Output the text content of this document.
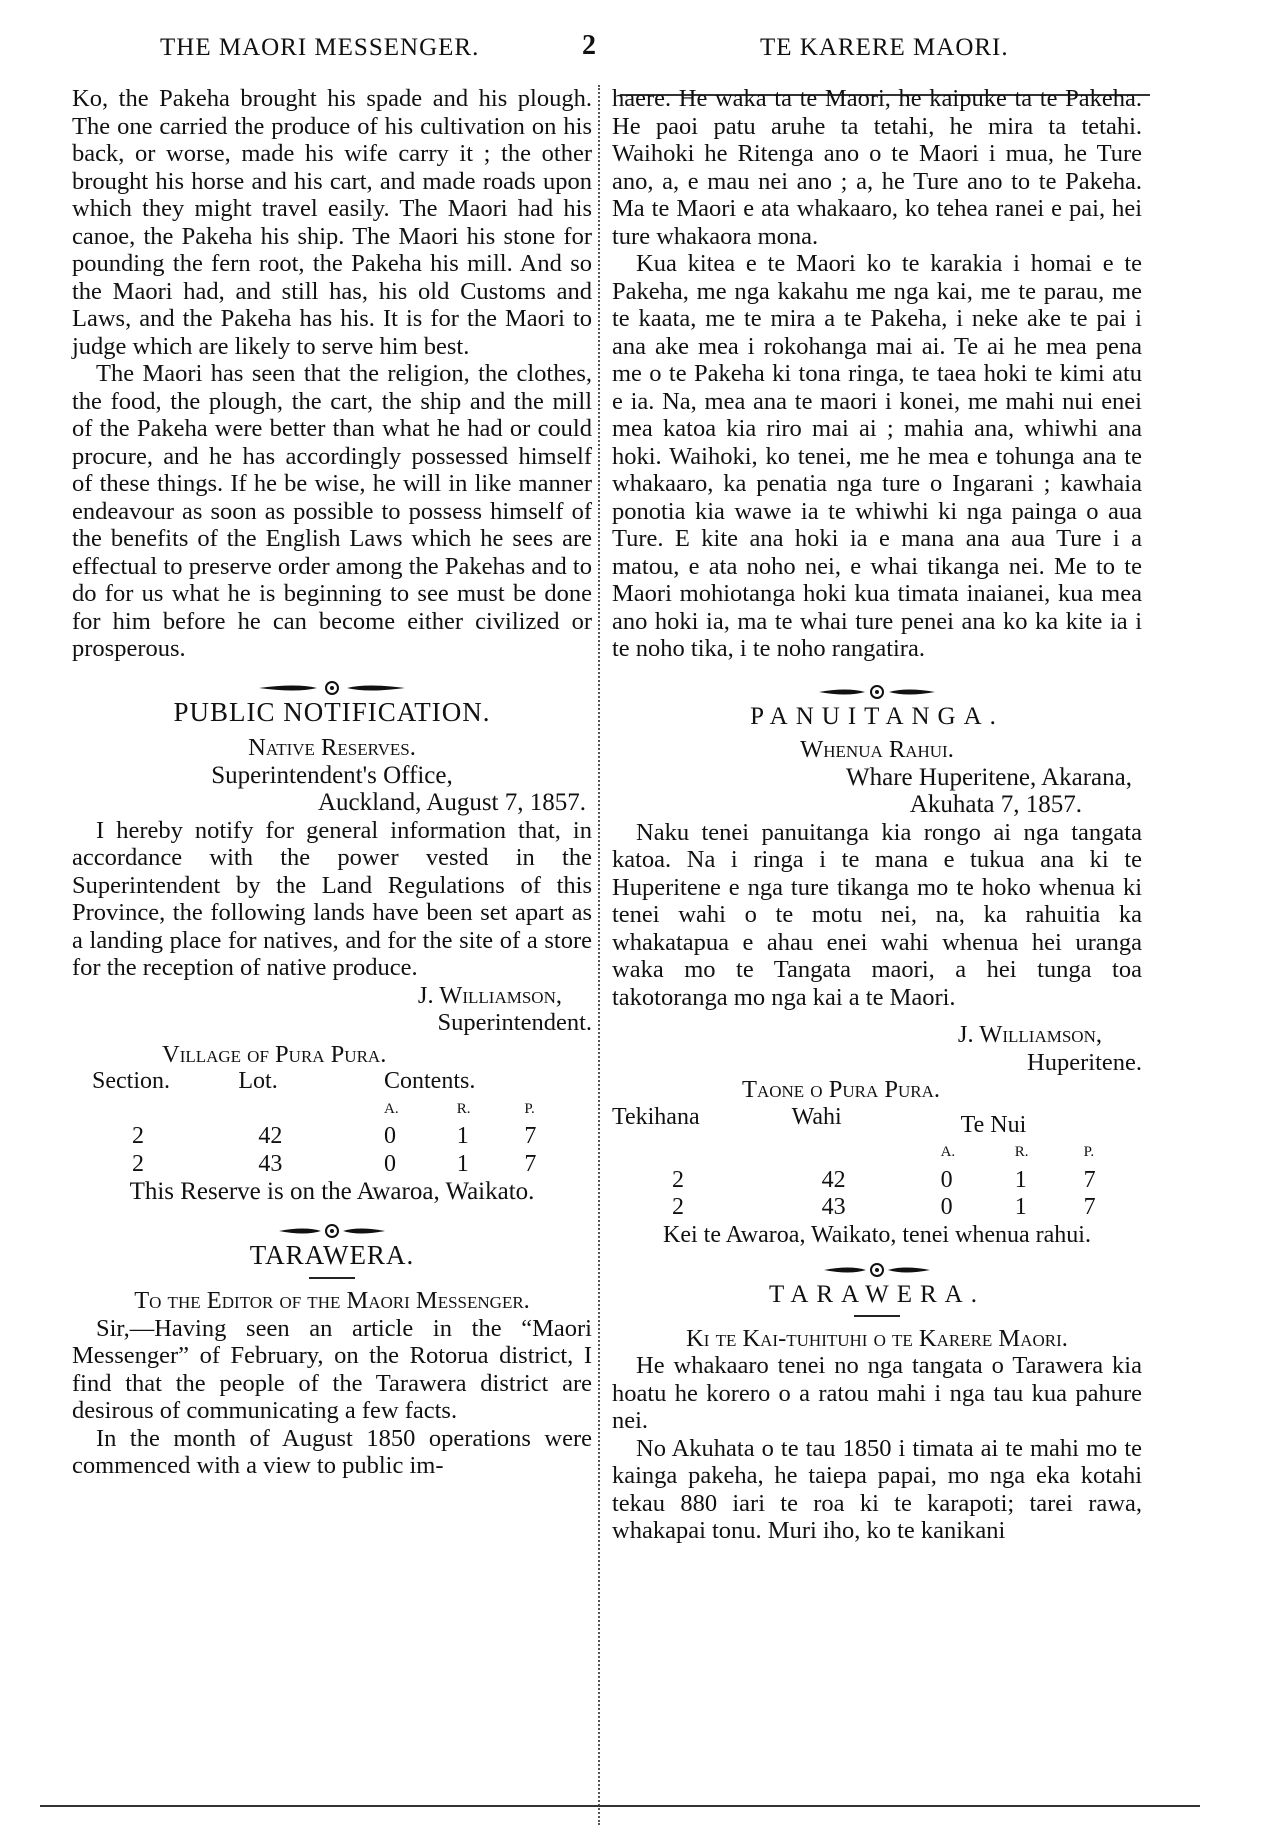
THE MAORI MESSENGER.	2	TE KARERE MAORI.

Ko, the Pakeha brought his spade and his plough. The one carried the produce of his cultivation on his back, or worse, made his wife carry it ; the other brought his horse and his cart, and made roads upon which they might travel easily. The Maori had his canoe, the Pakeha his ship. The Maori his stone for pounding the fern root, the Pakeha his mill. And so the Maori had, and still has, his old Customs and Laws, and the Pakeha has his. It is for the Maori to judge which are likely to serve him best.

The Maori has seen that the religion, the clothes, the food, the plough, the cart, the ship and the mill of the Pakeha were better than what he had or could procure, and he has accordingly possessed himself of these things. If he be wise, he will in like manner endeavour as soon as possible to possess himself of the benefits of the English Laws which he sees are effectual to preserve order among the Pakehas and to do for us what he is beginning to see must be done for him before he can become either civilized or prosperous.

PUBLIC NOTIFICATION.
Native Reserves.
Superintendent's Office,
Auckland, August 7, 1857.

I hereby notify for general information that, in accordance with the power vested in the Superintendent by the Land Regulations of this Province, the following lands have been set apart as a landing place for natives, and for the site of a store for the reception of native produce.

J. Williamson,
Superintendent.
Village of Pura Pura.
Section.	Lot.	Contents.		
		A.	R.	P.
2	42	0	1	7
2	43	0	1	7
This Reserve is on the Awaroa, Waikato.
TARAWERA.
To the Editor of the Maori Messenger.

Sir,—Having seen an article in the “Maori Messenger” of February, on the Rotorua district, I find that the people of the Tarawera district are desirous of communicating a few facts.

In the month of August 1850 operations were commenced with a view to public im-

haere. He waka ta te Maori, he kaipuke ta te Pakeha. He paoi patu aruhe ta tetahi, he mira ta tetahi. Waihoki he Ritenga ano o te Maori i mua, he Ture ano, a, e mau nei ano ; a, he Ture ano to te Pakeha. Ma te Maori e ata whakaaro, ko tehea ranei e pai, hei ture whakaora mona.

Kua kitea e te Maori ko te karakia i homai e te Pakeha, me nga kakahu me nga kai, me te parau, me te kaata, me te mira a te Pakeha, i neke ake te pai i ana ake mea i rokohanga mai ai. Te ai he mea pena me o te Pakeha ki tona ringa, te taea hoki te kimi atu e ia. Na, mea ana te maori i konei, me mahi nui enei mea katoa kia riro mai ai ; mahia ana, whiwhi ana hoki. Waihoki, ko tenei, me he mea e tohunga ana te whakaaro, ka penatia nga ture o Ingarani ; kawhaia ponotia kia wawe ia te whiwhi ki nga painga o aua Ture. E kite ana hoki ia e mana ana aua Ture i a matou, e ata noho nei, e whai tikanga nei. Me to te Maori mohiotanga hoki kua timata inaianei, kua mea ano hoki ia, ma te whai ture penei ana ko ka kite ia i te noho tika, i te noho rangatira.

PANUITANGA.
Whenua Rahui.
Whare Huperitene, Akarana,
Akuhata 7, 1857.

Naku tenei panuitanga kia rongo ai nga tangata katoa. Na i ringa i te mana e tukua ana ki te Huperitene e nga ture tikanga mo te hoko whenua ki tenei wahi o te motu nei, na, ka rahuitia ka whakatapua e ahau enei wahi whenua hei uranga waka mo te Tangata maori, a hei tunga toa takotoranga mo nga kai a te Maori.

J. Williamson,
Huperitene.
Taone o Pura Pura.
Tekihana	Wahi	Te Nui		
		A.	R.	P.
2	42	0	1	7
2	43	0	1	7
Kei te Awaroa, Waikato, tenei whenua rahui.
TARAWERA.
Ki te Kai-tuhituhi o te Karere Maori.

He whakaaro tenei no nga tangata o Tarawera kia hoatu he korero o a ratou mahi i nga tau kua pahure nei.

No Akuhata o te tau 1850 i timata ai te mahi mo te kainga pakeha, he taiepa papai, mo nga eka kotahi tekau 880 iari te roa ki te karapoti; tarei rawa, whakapai tonu. Muri iho, ko te kanikani
